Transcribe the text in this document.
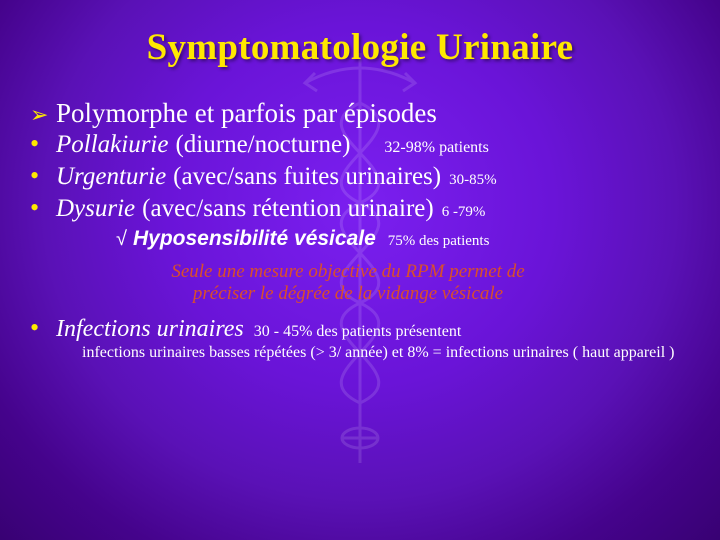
Symptomatologie Urinaire
➢ Polymorphe et parfois par épisodes
• Pollakiurie (diurne/nocturne) 32-98% patients
• Urgenturie (avec/sans fuites urinaires) 30-85%
• Dysurie (avec/sans rétention urinaire) 6 -79%
√ Hyposensibilité vésicale 75% des patients
Seule une mesure objective du RPM permet de
préciser le dégrée de la vidange vésicale
• Infections urinaires 30 - 45% des patients présentent
infections urinaires basses répétées (> 3/ année) et 8% = infections urinaires ( haut appareil )
